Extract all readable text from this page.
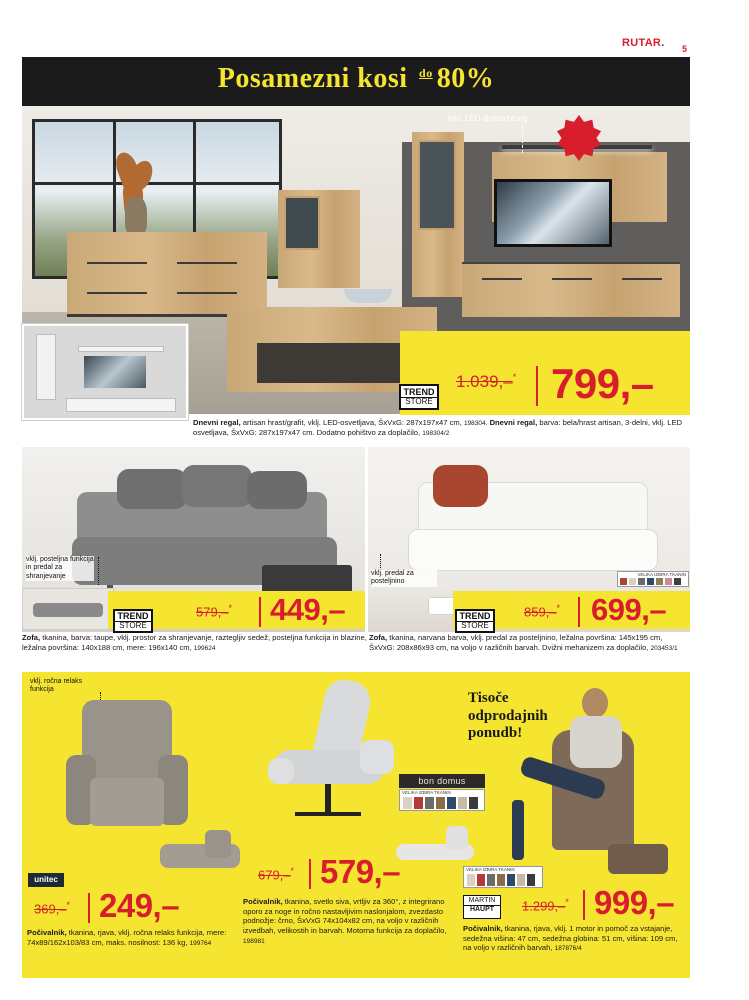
RUTAR. 5
Posamezni kosi $^{do}$ 80%
Inkl. LED-Beleuchtung
TREND
STORE
1.039,–* 799,–
Dnevni regal, artisan hrast/grafit, vklj. LED-osvetljava, ŠxVxG: 287x197x47 cm, 198304. Dnevni regal, barva: bela/hrast artisan, 3-delni, vklj. LED osvetljava, ŠxVxG: 287x197x47 cm. Dodatno pohištvo za doplačilo, 198304/2
vklj. posteljna funkcija in predal za shranjevanje
TREND
STORE
579,–* 449,–
Zofa, tkanina, barva: taupe, vklj. prostor za shranjevanje, raztegljiv sedež, posteljna funkcija in blazine, ležalna površina: 140x188 cm, mere: 196x140 cm, 199624
vklj. predal za posteljnino
VELIKA IZBIRA TKANIN
TREND
STORE
859,–* 699,–
Zofa, tkanina, narvana barva, vklj. predal za posteljnino, ležalna površina: 145x195 cm, ŠxVxG: 208x86x93 cm, na voljo v različnih barvah. Dvižni mehanizem za doplačilo, 203453/1
vklj. ročna relaks funkcija
unitec
369,–* 249,–
Počivalnik, tkanina, rjava, vklj. ročna relaks funkcija, mere: 74x89/162x103/83 cm, maks. nosilnost: 136 kg, 199764
bon domus
VELIKA IZBIRA TKANIN
679,–* 579,–
Počivalnik, tkanina, svetlo siva, vrtljiv za 360°, z integrirano oporo za noge in ročno nastavljivim naslonjalom, zvezdasto podnožje: črno, ŠxVxG 74x104x82 cm, na voljo v različnih izvedbah, velikostih in barvah. Motorna funkcija za doplačilo, 198981
Tisoče
odprodajnih
ponudb!
VELIKA IZBIRA TKANIN
MARTIN
HAUPT	1.299,–* 999,–
Počivalnik, tkanina, rjava, vklj. 1 motor in pomoč za vstajanje, sedežna višina: 47 cm, sedežna globina: 51 cm, višina: 109 cm, na voljo v različnih barvah, 187876/4
